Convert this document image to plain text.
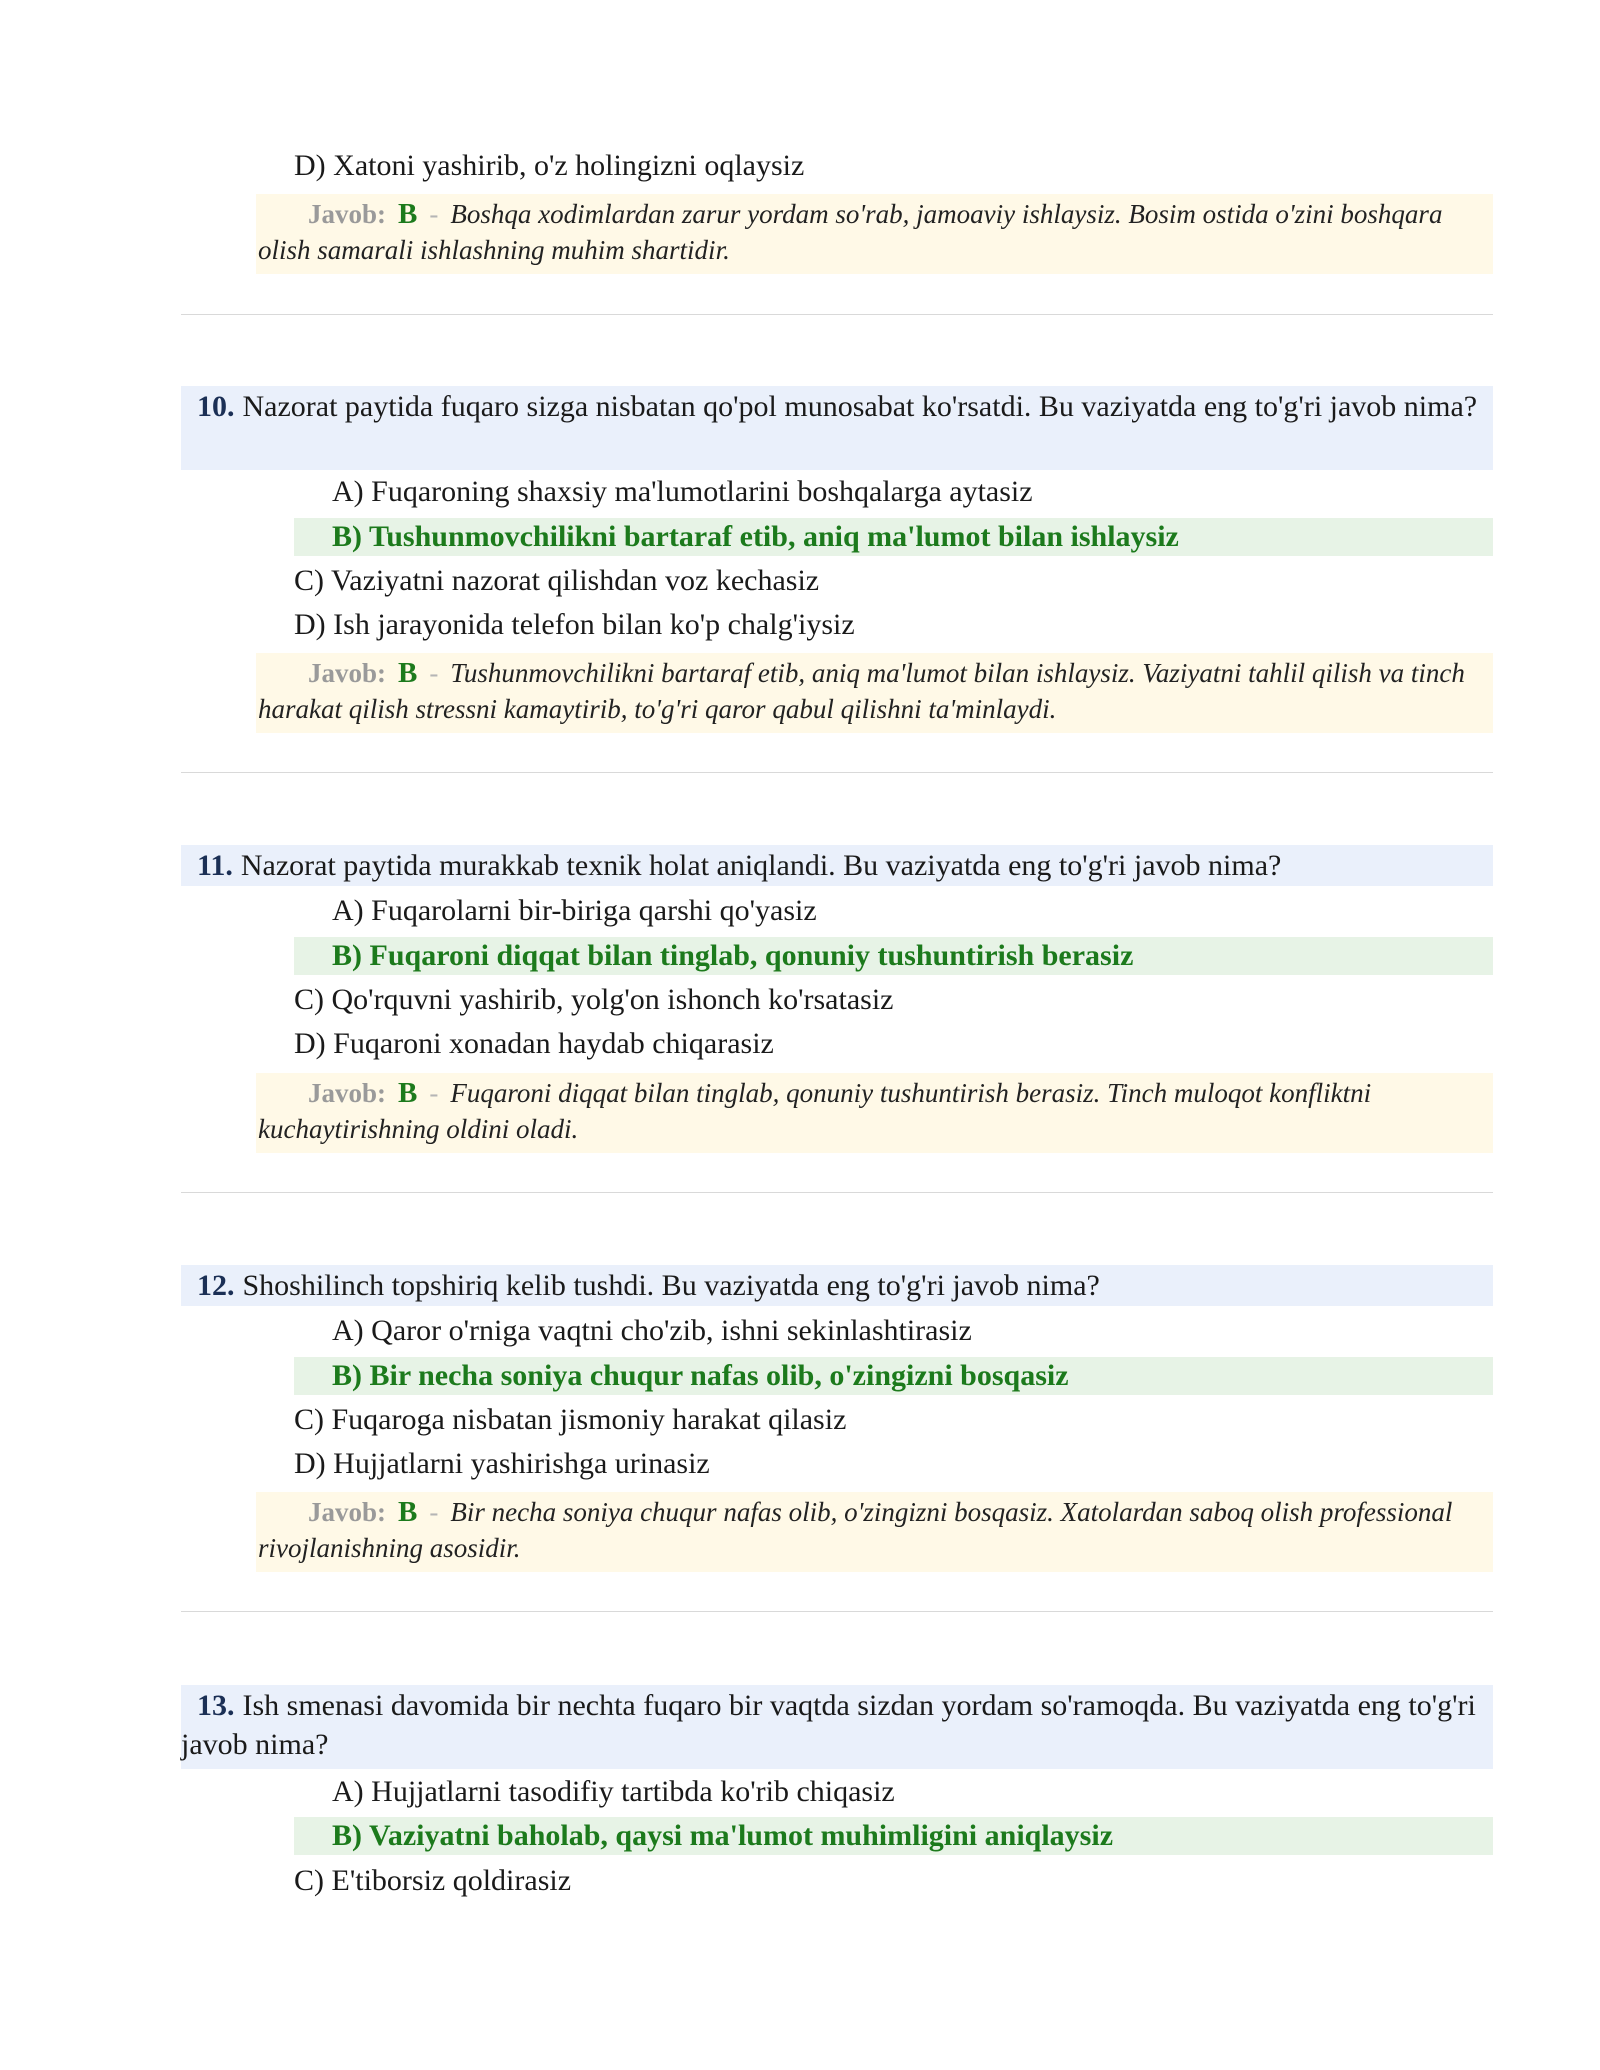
D) Xatoni yashirib, o'z holingizni oqlaysiz
Javob: B - Boshqa xodimlardan zarur yordam so'rab, jamoaviy ishlaysiz. Bosim ostida o'zini boshqara olish samarali ishlashning muhim shartidir.
10. Nazorat paytida fuqaro sizga nisbatan qo'pol munosabat ko'rsatdi. Bu vaziyatda eng to'g'ri javob nima?
A) Fuqaroning shaxsiy ma'lumotlarini boshqalarga aytasiz
B) Tushunmovchilikni bartaraf etib, aniq ma'lumot bilan ishlaysiz
C) Vaziyatni nazorat qilishdan voz kechasiz
D) Ish jarayonida telefon bilan ko'p chalg'iysiz
Javob: B - Tushunmovchilikni bartaraf etib, aniq ma'lumot bilan ishlaysiz. Vaziyatni tahlil qilish va tinch harakat qilish stressni kamaytirib, to'g'ri qaror qabul qilishni ta'minlaydi.
11. Nazorat paytida murakkab texnik holat aniqlandi. Bu vaziyatda eng to'g'ri javob nima?
A) Fuqarolarni bir-biriga qarshi qo'yasiz
B) Fuqaroni diqqat bilan tinglab, qonuniy tushuntirish berasiz
C) Qo'rquvni yashirib, yolg'on ishonch ko'rsatasiz
D) Fuqaroni xonadan haydab chiqarasiz
Javob: B - Fuqaroni diqqat bilan tinglab, qonuniy tushuntirish berasiz. Tinch muloqot konfliktni kuchaytirishning oldini oladi.
12. Shoshilinch topshiriq kelib tushdi. Bu vaziyatda eng to'g'ri javob nima?
A) Qaror o'rniga vaqtni cho'zib, ishni sekinlashtirasiz
B) Bir necha soniya chuqur nafas olib, o'zingizni bosqasiz
C) Fuqaroga nisbatan jismoniy harakat qilasiz
D) Hujjatlarni yashirishga urinasiz
Javob: B - Bir necha soniya chuqur nafas olib, o'zingizni bosqasiz. Xatolardan saboq olish professional rivojlanishning asosidir.
13. Ish smenasi davomida bir nechta fuqaro bir vaqtda sizdan yordam so'ramoqda. Bu vaziyatda eng to'g'ri javob nima?
A) Hujjatlarni tasodifiy tartibda ko'rib chiqasiz
B) Vaziyatni baholab, qaysi ma'lumot muhimligini aniqlaysiz
C) E'tiborsiz qoldirasiz
